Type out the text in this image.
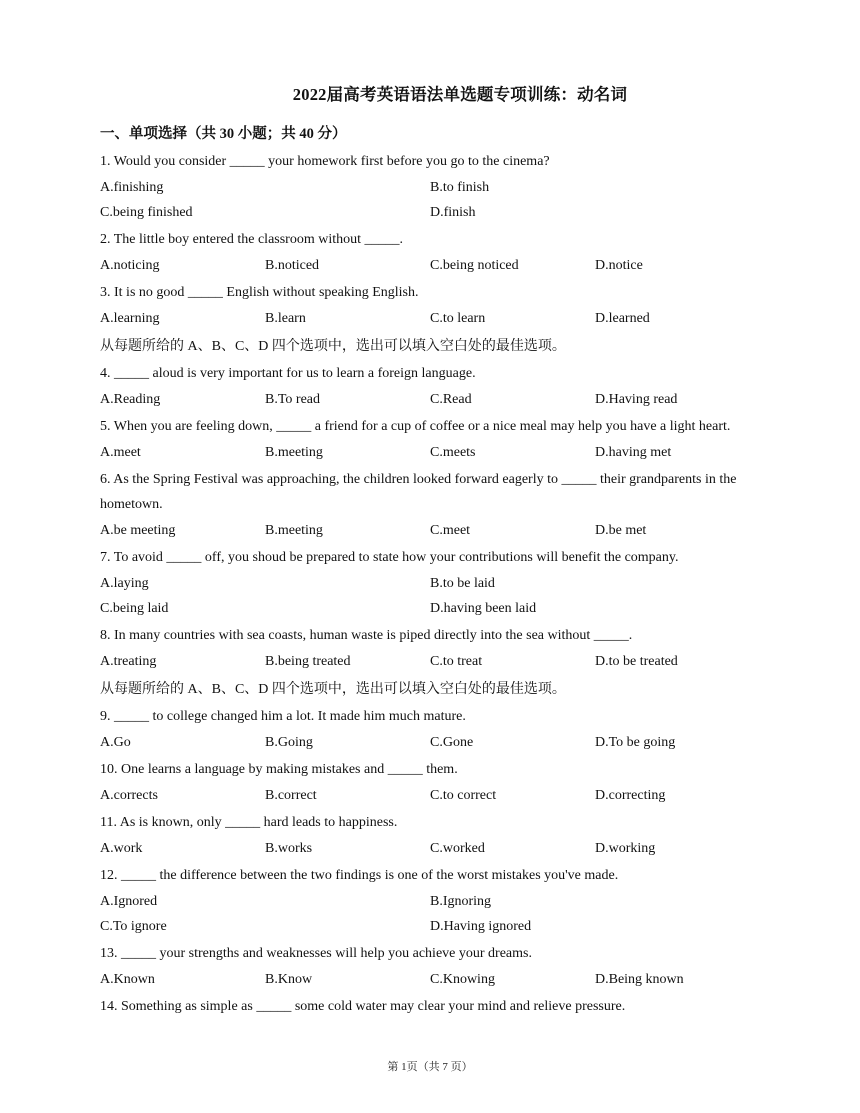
2022届高考英语语法单选题专项训练：动名词
一、单项选择（共 30 小题；共 40 分）
1. Would you consider _____ your homework first before you go to the cinema?
A.finishing	B.to finish
C.being finished	D.finish
2. The little boy entered the classroom without _____.
A.noticing	B.noticed	C.being noticed	D.notice
3. It is no good _____ English without speaking English.
A.learning	B.learn	C.to learn	D.learned
从每题所给的 A、B、C、D 四个选项中，选出可以填入空白处的最佳选项。
4. _____ aloud is very important for us to learn a foreign language.
A.Reading	B.To read	C.Read	D.Having read
5. When you are feeling down, _____ a friend for a cup of coffee or a nice meal may help you have a light heart.
A.meet	B.meeting	C.meets	D.having met
6. As the Spring Festival was approaching, the children looked forward eagerly to _____ their grandparents in the hometown.
A.be meeting	B.meeting	C.meet	D.be met
7. To avoid _____ off, you shoud be prepared to state how your contributions will benefit the company.
A.laying	B.to be laid
C.being laid	D.having been laid
8. In many countries with sea coasts, human waste is piped directly into the sea without _____.
A.treating	B.being treated	C.to treat	D.to be treated
从每题所给的 A、B、C、D 四个选项中，选出可以填入空白处的最佳选项。
9. _____ to college changed him a lot. It made him much mature.
A.Go	B.Going	C.Gone	D.To be going
10. One learns a language by making mistakes and _____ them.
A.corrects	B.correct	C.to correct	D.correcting
11. As is known, only _____ hard leads to happiness.
A.work	B.works	C.worked	D.working
12. _____ the difference between the two findings is one of the worst mistakes you've made.
A.Ignored	B.Ignoring
C.To ignore	D.Having ignored
13. _____ your strengths and weaknesses will help you achieve your dreams.
A.Known	B.Know	C.Knowing	D.Being known
14. Something as simple as _____ some cold water may clear your mind and relieve pressure.
第 1页（共 7 页）
